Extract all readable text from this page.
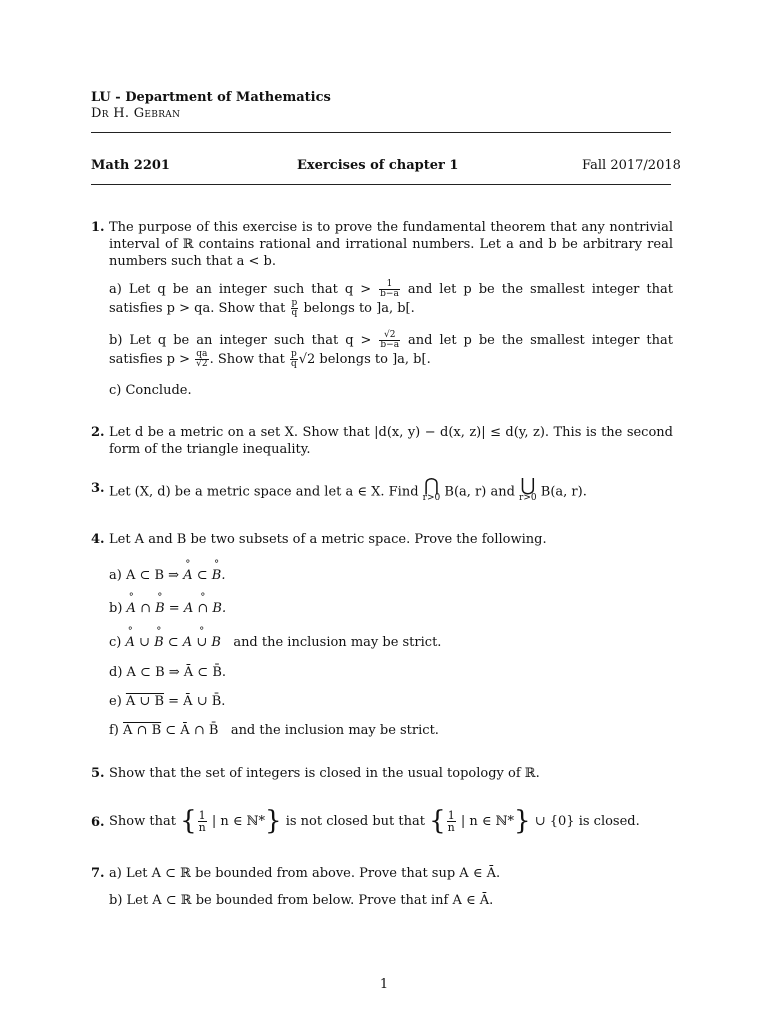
LU - Department of Mathematics
Dr H. Gebran
Math 2201	Exercises of chapter 1	Fall 2017/2018
1. The purpose of this exercise is to prove the fundamental theorem that any nontrivial interval of ℝ contains rational and irrational numbers. Let a and b be arbitrary real numbers such that a < b.
a) Let q be an integer such that $q > \frac{1}{b-a}$ and let p be the smallest integer that satisfies p > qa. Show that $\frac{p}{q}$ belongs to ]a, b[.
b) Let q be an integer such that $q > \frac{√2}{b-a}$ and let p be the smallest integer that satisfies $p > \frac{qa}{√2}$ . Show that $\frac{p}{q} √2$ belongs to ]a, b[.
c) Conclude.
2. Let d be a metric on a set X. Show that |d(x, y) − d(x, z)| ≤ d(y, z). This is the second form of the triangle inequality.
3. Let (X, d) be a metric space and let a ∈ X. Find ⋂
r>0 B(a, r) and ⋃
r>0 B(a, r).
4. Let A and B be two subsets of a metric space. Prove the following.
a) A ⊂ B ⇒ ° A ⊂ ° B.
b) ° A ∩ ° B = A ° ∩ B.
c) ° A ∪ ° B ⊂ A ° ∪ B and the inclusion may be strict.
d) A ⊂ B ⇒ Ā ⊂ B̄.
e) A ∪ B = Ā ∪ B̄.
f) A ∩ B ⊂ Ā ∩ B̄ and the inclusion may be strict.
5. Show that the set of integers is closed in the usual topology of ℝ.
6. Show that { $\frac{1}{n}$ | n ∈ ℕ*} is not closed but that { $\frac{1}{n}$ | n ∈ ℕ*} ∪ {0} is closed.
7. a) Let A ⊂ ℝ be bounded from above. Prove that sup A ∈ Ā.
b) Let A ⊂ ℝ be bounded from below. Prove that inf A ∈ Ā.
1
